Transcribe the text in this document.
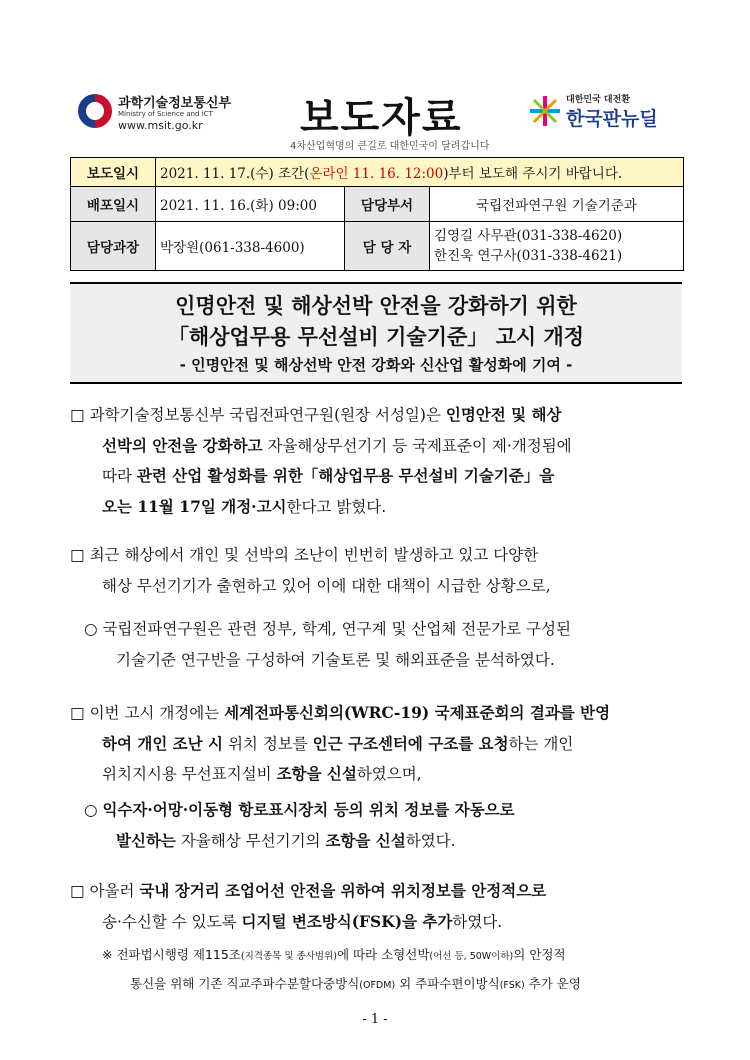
과학기술정보통신부
Ministry of Science and ICT
www.msit.go.kr 보도자료
4차산업혁명의 큰길로 대한민국이 달려갑니다
대한민국 대전환
한국판뉴딜
보도일시	2021. 11. 17.(수) 조간(온라인 11. 16. 12:00)부터 보도해 주시기 바랍니다.		
배포일시	2021. 11. 16.(화) 09:00	담당부서	국립전파연구원 기술기준과
담당과장	박장원(061-338-4600)	담 당 자	김영길 사무관(031-338-4620)
한진욱 연구사(031-338-4621)
인명안전 및 해상선박 안전을 강화하기 위한
「해상업무용 무선설비 기술기준」 고시 개정
- 인명안전 및 해상선박 안전 강화와 신산업 활성화에 기여 -
□ 과학기술정보통신부 국립전파연구원(원장 서성일)은 인명안전 및 해상
선박의 안전을 강화하고 자율해상무선기기 등 국제표준이 제·개정됨에
따라 관련 산업 활성화를 위한「해상업무용 무선설비 기술기준」을
오는 11월 17일 개정·고시한다고 밝혔다.
□ 최근 해상에서 개인 및 선박의 조난이 빈번히 발생하고 있고 다양한
해상 무선기기가 출현하고 있어 이에 대한 대책이 시급한 상황으로,
○ 국립전파연구원은 관련 정부, 학계, 연구계 및 산업체 전문가로 구성된
기술기준 연구반을 구성하여 기술토론 및 해외표준을 분석하였다.
□ 이번 고시 개정에는 세계전파통신회의(WRC-19) 국제표준회의 결과를 반영
하여 개인 조난 시 위치 정보를 인근 구조센터에 구조를 요청하는 개인
위치지시용 무선표지설비 조항을 신설하였으며,
○ 익수자·어망·이동형 항로표시장치 등의 위치 정보를 자동으로
발신하는 자율해상 무선기기의 조항을 신설하였다.
□ 아울러 국내 장거리 조업어선 안전을 위하여 위치정보를 안정적으로
송·수신할 수 있도록 디지털 변조방식(FSK)을 추가하였다.
※ 전파법시행령 제115조(지격종목 및 종사범위)에 따라 소형선박(어선 등, 50W이하)의 안정적
통신을 위해 기존 직교주파수분할다중방식(OFDM) 외 주파수편이방식(FSK) 추가 운영
- 1 -
